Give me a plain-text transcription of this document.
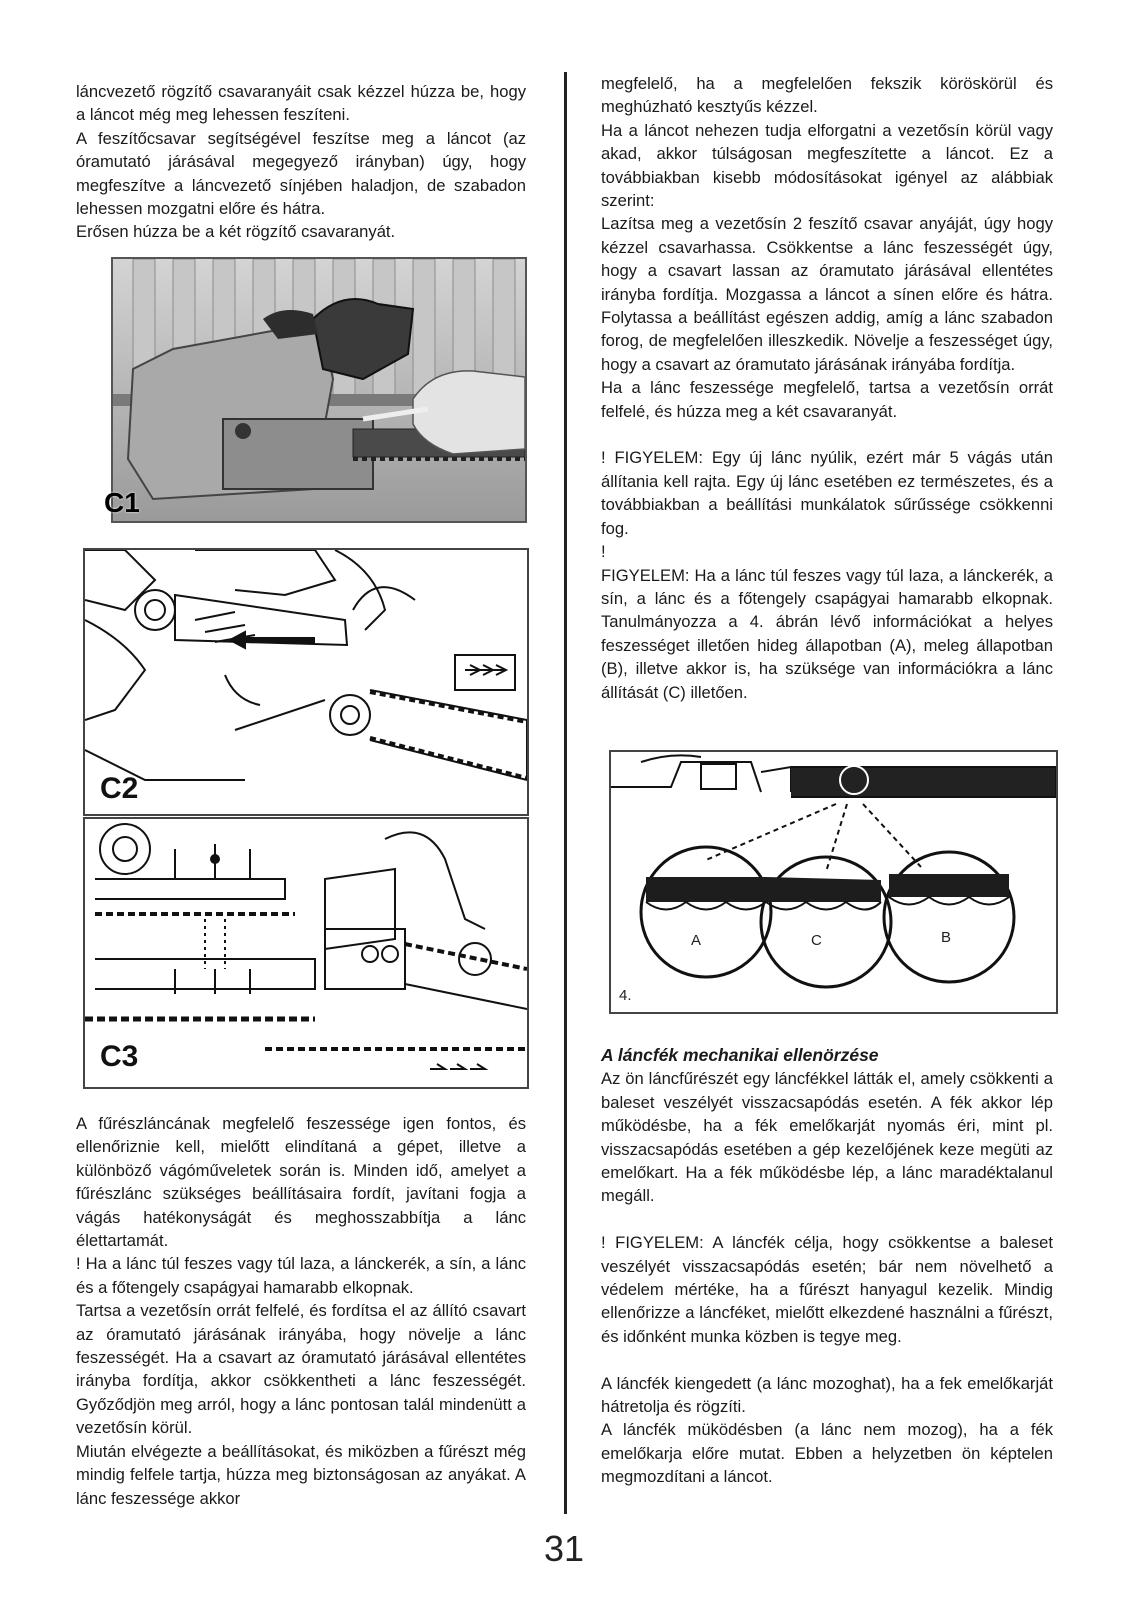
láncvezető rögzítő csavaranyáit csak kézzel húzza be, hogy a láncot még meg lehessen feszíteni.

A feszítőcsavar segítségével feszítse meg a láncot (az óramutató járásával megegyező irányban) úgy, hogy megfeszítve a láncvezető sínjében haladjon, de szabadon lehessen mozgatni előre és hátra.

Erősen húzza be a két rögzítő csavaranyát.

C1
C2
C3

A fűrészláncának megfelelő feszessége igen fontos, és ellenőriznie kell, mielőtt elindítaná a gépet, illetve a különböző vágóműveletek során is. Minden idő, amelyet a fűrészlánc szükséges beállításaira fordít, javítani fogja a vágás hatékonyságát és meghosszabbítja a lánc élettartamát.

! Ha a lánc túl feszes vagy túl laza, a lánckerék, a sín, a lánc és a főtengely csapágyai hamarabb elkopnak.

Tartsa a vezetősín orrát felfelé, és fordítsa el az állító csavart az óramutató járásának irányába, hogy növelje a lánc feszességét. Ha a csavart az óramutató járásával ellentétes irányba fordítja, akkor csökkentheti a lánc feszességét. Győződjön meg arról, hogy a lánc pontosan talál mindenütt a vezetősín körül.

Miután elvégezte a beállításokat, és miközben a fűrészt még mindig felfele tartja, húzza meg biztonságosan az anyákat. A lánc feszessége akkor

megfelelő, ha a megfelelően fekszik köröskörül és meghúzható kesztyűs kézzel.

Ha a láncot nehezen tudja elforgatni a vezetősín körül vagy akad, akkor túlságosan megfeszítette a láncot. Ez a továbbiakban kisebb módosításokat igényel az alábbiak szerint:

Lazítsa meg a vezetősín 2 feszítő csavar anyáját, úgy hogy kézzel csavarhassa. Csökkentse a lánc feszességét úgy, hogy a csavart lassan az óramutato járásával ellentétes irányba fordítja. Mozgassa a láncot a sínen előre és hátra. Folytassa a beállítást egészen addig, amíg a lánc szabadon forog, de megfelelően illeszkedik. Növelje a feszességet úgy, hogy a csavart az óramutato járásának irányába fordítja.

Ha a lánc feszessége megfelelő, tartsa a vezetősín orrát felfelé, és húzza meg a két csavaranyát.

! FIGYELEM: Egy új lánc nyúlik, ezért már 5 vágás után állítania kell rajta. Egy új lánc esetében ez természetes, és a továbbiakban a beállítási munkálatok sűrűssége csökkenni fog.

!

FIGYELEM: Ha a lánc túl feszes vagy túl laza, a lánckerék, a sín, a lánc és a főtengely csapágyai hamarabb elkopnak. Tanulmányozza a 4. ábrán lévő információkat a helyes feszességet illetően hideg állapotban (A), meleg állapotban (B), illetve akkor is, ha szüksége van információkra a lánc állítását (C) illetően.

A	C	B
4.

A láncfék mechanikai ellenörzése

Az ön láncfűrészét egy láncfékkel látták el, amely csökkenti a baleset veszélyét visszacsapódás esetén. A fék akkor lép működésbe, ha a fék emelőkarját nyomás éri, mint pl. visszacsapódás esetében a gép kezelőjének keze megüti az emelőkart. Ha a fék működésbe lép, a lánc maradéktalanul megáll.

! FIGYELEM: A láncfék célja, hogy csökkentse a baleset veszélyét visszacsapódás esetén; bár nem növelhető a védelem mértéke, ha a fűrészt hanyagul kezelik. Mindig ellenőrizze a láncféket, mielőtt elkezdené használni a fűrészt, és időnként munka közben is tegye meg.

A láncfék kiengedett (a lánc mozoghat), ha a fek emelőkarját hátretolja és rögzíti.

A láncfék müködésben (a lánc nem mozog), ha a fék emelőkarja előre mutat. Ebben a helyzetben ön képtelen megmozdítani a láncot.

31
